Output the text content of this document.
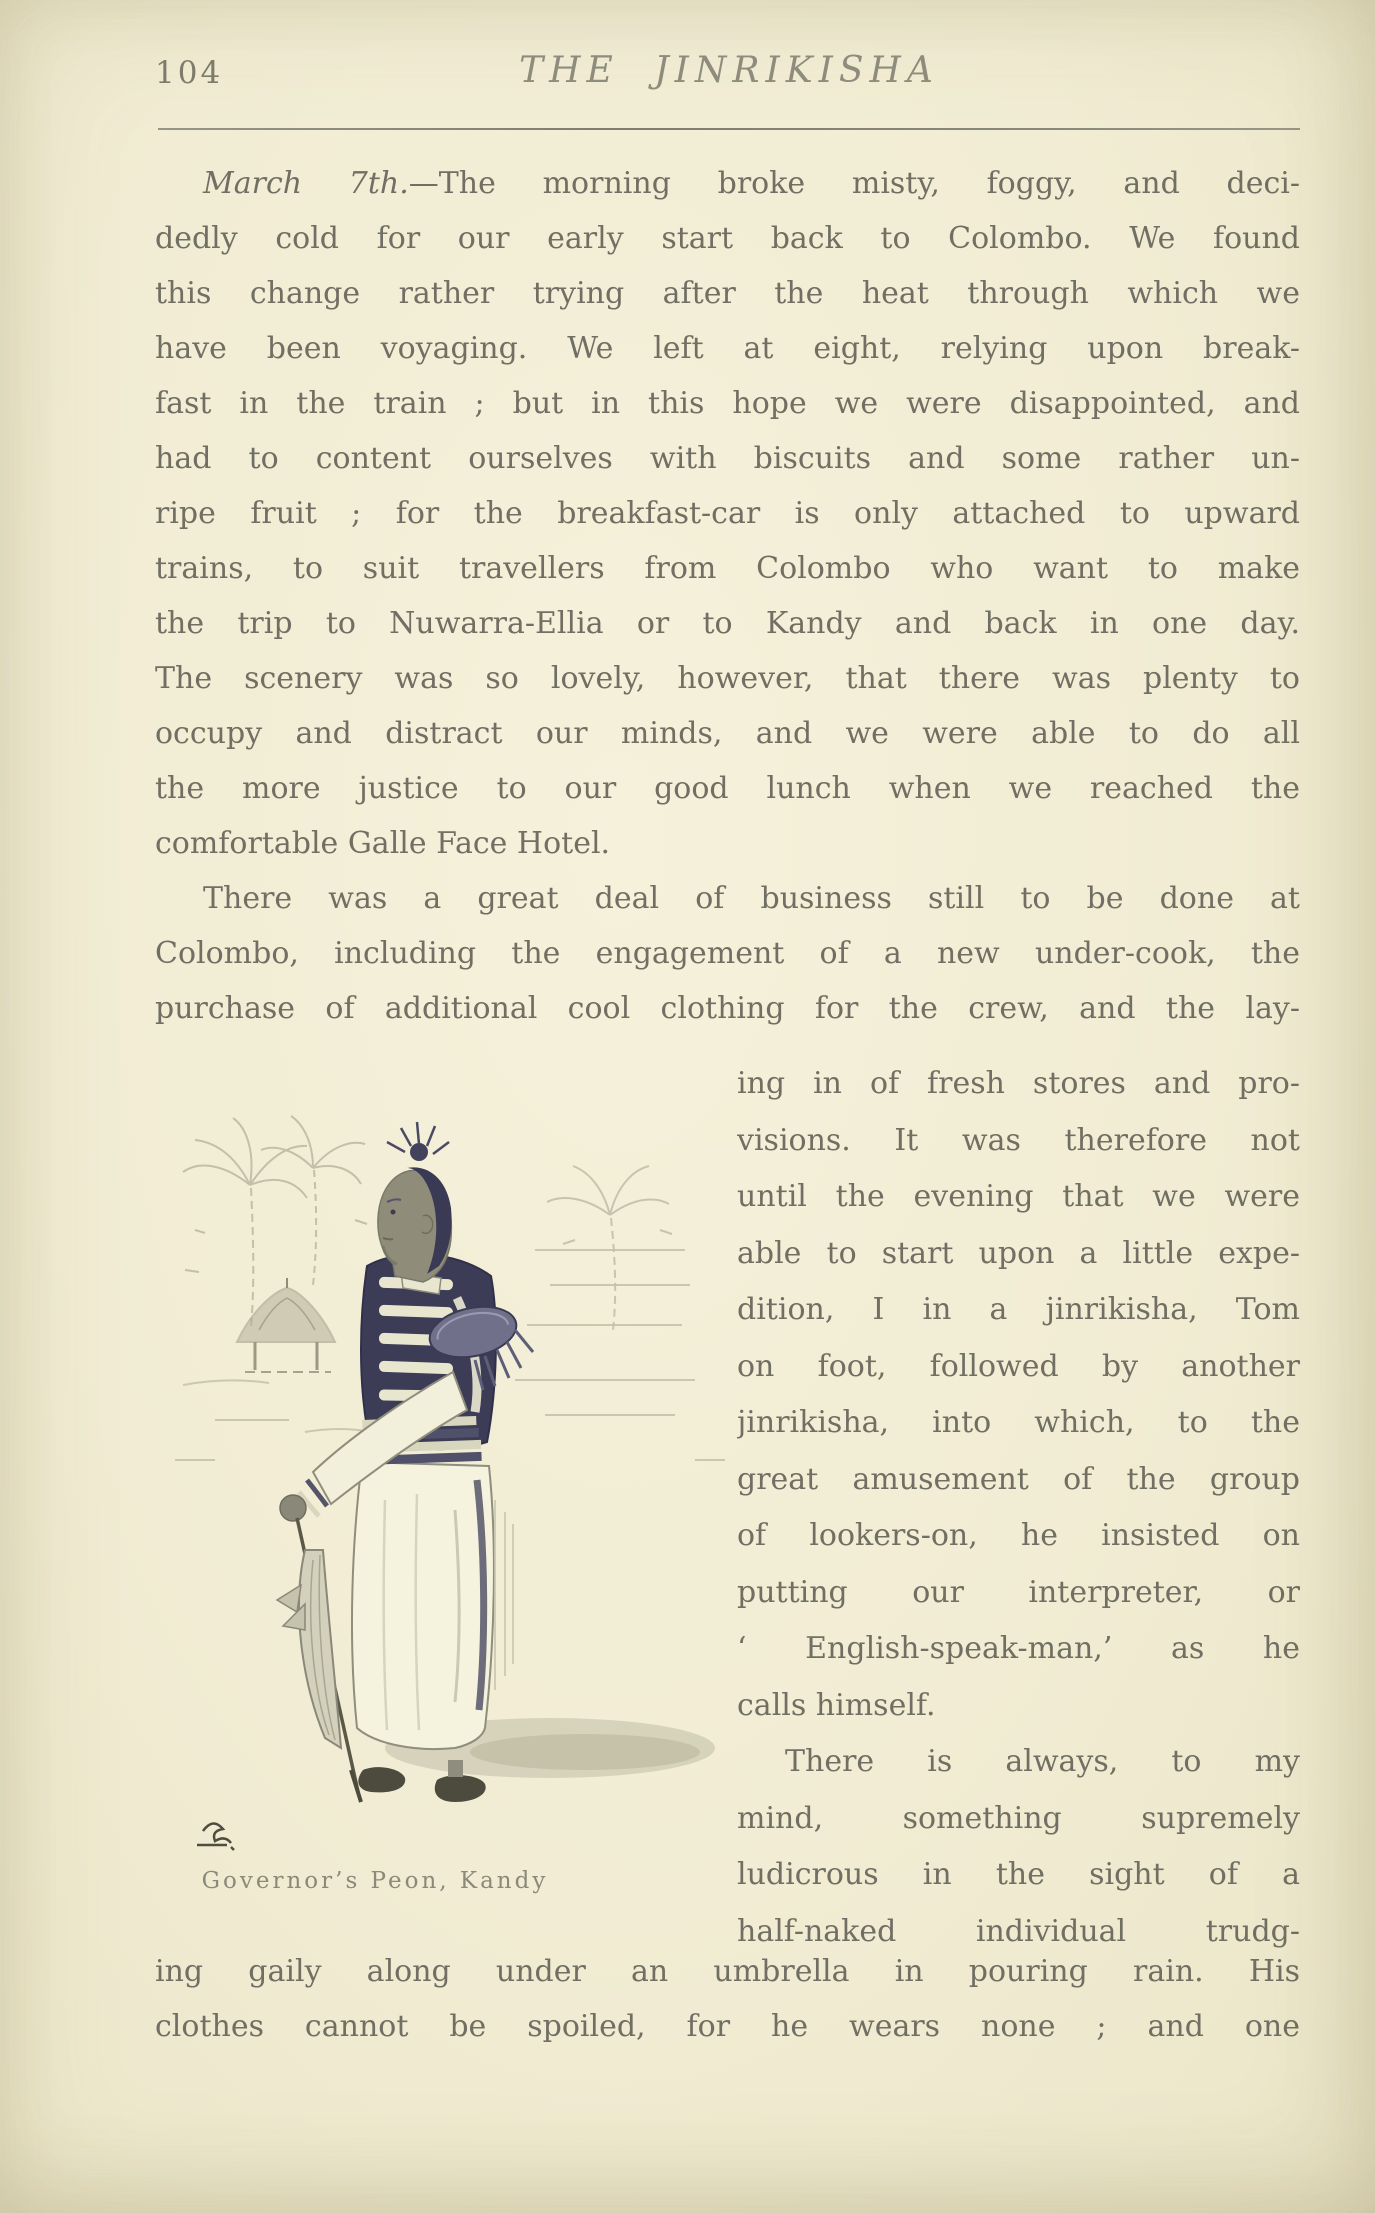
104	THE JINRIKISHA
March 7th.—The morning broke misty, foggy, and deci-
dedly cold for our early start back to Colombo. We found
this change rather trying after the heat through which we
have been voyaging. We left at eight, relying upon break-
fast in the train ; but in this hope we were disappointed, and
had to content ourselves with biscuits and some rather un-
ripe fruit ; for the breakfast-car is only attached to upward
trains, to suit travellers from Colombo who want to make
the trip to Nuwarra-Ellia or to Kandy and back in one day.
The scenery was so lovely, however, that there was plenty to
occupy and distract our minds, and we were able to do all
the more justice to our good lunch when we reached the
comfortable Galle Face Hotel.
There was a great deal of business still to be done at
Colombo, including the engagement of a new under-cook, the
purchase of additional cool clothing for the crew, and the lay-
Governor’s Peon, Kandy
ing in of fresh stores and pro-
visions. It was therefore not
until the evening that we were
able to start upon a little expe-
dition, I in a jinrikisha, Tom
on foot, followed by another
jinrikisha, into which, to the
great amusement of the group
of lookers-on, he insisted on
putting our interpreter, or
‘ English-speak-man,’ as he
calls himself.
There is always, to my
mind, something supremely
ludicrous in the sight of a
half-naked individual trudg-
ing gaily along under an umbrella in pouring rain. His
clothes cannot be spoiled, for he wears none ; and one
